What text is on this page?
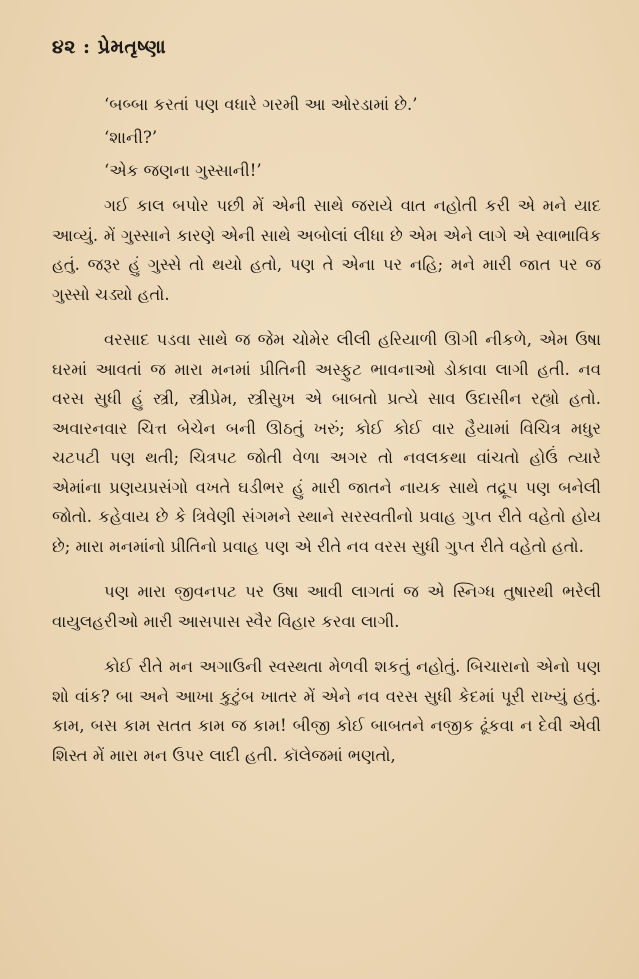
૪૨ : પ્રેમતૃષ્ણા

‘બબ્બા કરતાં પણ વધારે ગરમી આ ઓરડામાં છે.’

‘શાની?’

‘એક જણના ગુસ્સાની!’

ગઈ કાલ બપોર પછી મેં એની સાથે જરાયે વાત નહોતી કરી એ મને યાદ આવ્યું. મેં ગુસ્સાને કારણે એની સાથે અબોલાં લીધા છે એમ એને લાગે એ સ્વાભાવિક હતું. જરૂર હું ગુસ્સે તો થયો હતો, પણ તે એના પર નહિ; મને મારી જાત પર જ ગુસ્સો ચડ્યો હતો.

વરસાદ પડવા સાથે જ જેમ ચોમેર લીલી હરિયાળી ઊગી નીકળે, એમ ઉષા ઘરમાં આવતાં જ મારા મનમાં પ્રીતિની અસ્ફુટ ભાવનાઓ ડોકાવા લાગી હતી. નવ વરસ સુધી હું સ્ત્રી, સ્ત્રીપ્રેમ, સ્ત્રીસુખ એ બાબતો પ્રત્યે સાવ ઉદાસીન રહ્યો હતો. અવારનવાર ચિત્ત બેચેન બની ઊઠતું ખરું; કોઈ કોઈ વાર હૈયામાં વિચિત્ર મધુર ચટપટી પણ થતી; ચિત્રપટ જોતી વેળા અગર તો નવલકથા વાંચતો હોઉં ત્યારે એમાંના પ્રણયપ્રસંગો વખતે ઘડીભર હું મારી જાતને નાયક સાથે તદ્રૂપ પણ બનેલી જોતો. કહેવાય છે કે ત્રિવેણી સંગમને સ્થાને સરસ્વતીનો પ્રવાહ ગુપ્ત રીતે વહેતો હોય છે; મારા મનમાંનો પ્રીતિનો પ્રવાહ પણ એ રીતે નવ વરસ સુધી ગુપ્ત રીતે વહેતો હતો.

પણ મારા જીવનપટ પર ઉષા આવી લાગતાં જ એ સ્નિગ્ધ તુષારથી ભરેલી વાયુલહરીઓ મારી આસપાસ સ્વૈર વિહાર કરવા લાગી.

કોઈ રીતે મન અગાઉની સ્વસ્થતા મેળવી શકતું નહોતું. બિચારાનો એનો પણ શો વાંક? બા અને આખા કુટુંબ ખાતર મેં એને નવ વરસ સુધી કેદમાં પૂરી રાખ્યું હતું. કામ, બસ કામ સતત કામ જ કામ! બીજી કોઈ બાબતને નજીક ઢૂંકવા ન દેવી એવી શિસ્ત મેં મારા મન ઉપર લાદી હતી. કૉલેજમાં ભણતો,
